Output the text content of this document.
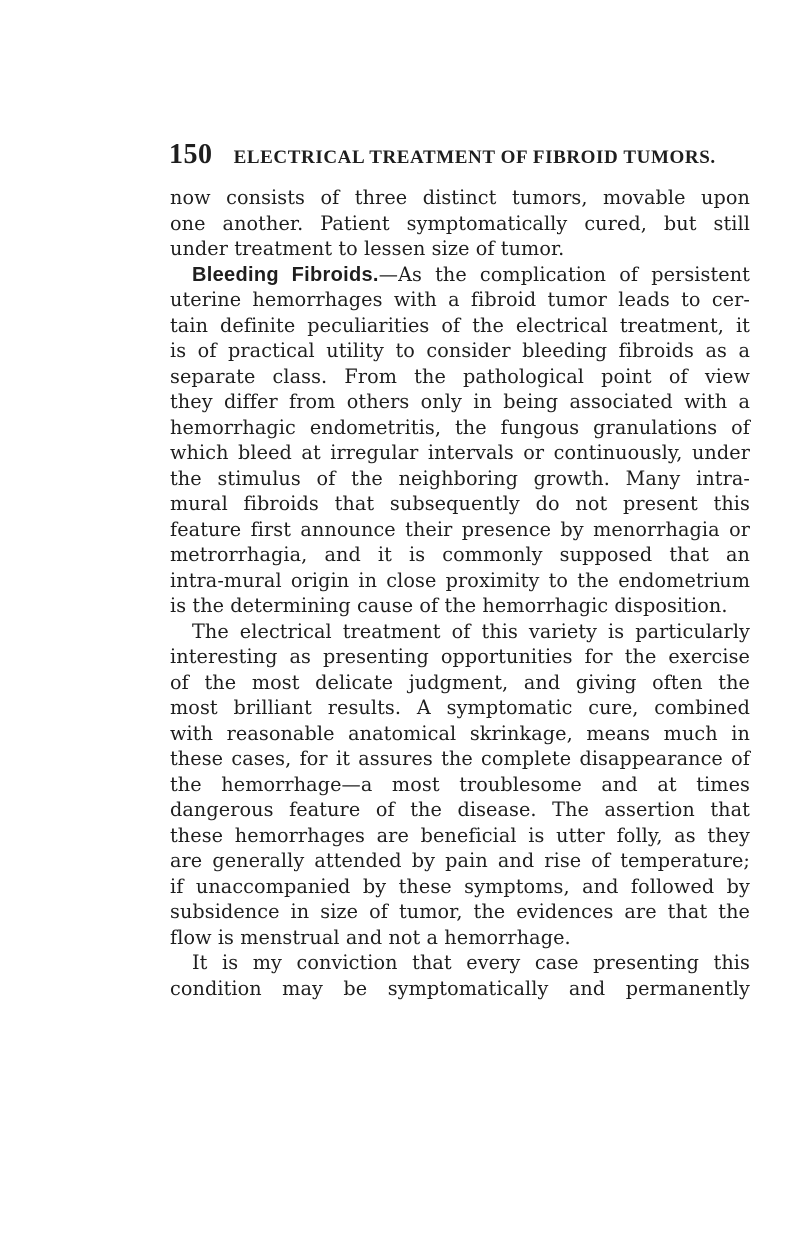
150 ELECTRICAL TREATMENT OF FIBROID TUMORS.
now consists of three distinct tumors, movable upon
one another. Patient symptomatically cured, but still
under treatment to lessen size of tumor.
Bleeding Fibroids.—As the complication of persistent
uterine hemorrhages with a fibroid tumor leads to cer-
tain definite peculiarities of the electrical treatment, it
is of practical utility to consider bleeding fibroids as a
separate class. From the pathological point of view
they differ from others only in being associated with a
hemorrhagic endometritis, the fungous granulations of
which bleed at irregular intervals or continuously, under
the stimulus of the neighboring growth. Many intra-
mural fibroids that subsequently do not present this
feature first announce their presence by menorrhagia or
metrorrhagia, and it is commonly supposed that an
intra-mural origin in close proximity to the endometrium
is the determining cause of the hemorrhagic disposition.
The electrical treatment of this variety is particularly
interesting as presenting opportunities for the exercise
of the most delicate judgment, and giving often the
most brilliant results. A symptomatic cure, combined
with reasonable anatomical skrinkage, means much in
these cases, for it assures the complete disappearance of
the hemorrhage—a most troublesome and at times
dangerous feature of the disease. The assertion that
these hemorrhages are beneficial is utter folly, as they
are generally attended by pain and rise of temperature;
if unaccompanied by these symptoms, and followed by
subsidence in size of tumor, the evidences are that the
flow is menstrual and not a hemorrhage.
It is my conviction that every case presenting this
condition may be symptomatically and permanently
